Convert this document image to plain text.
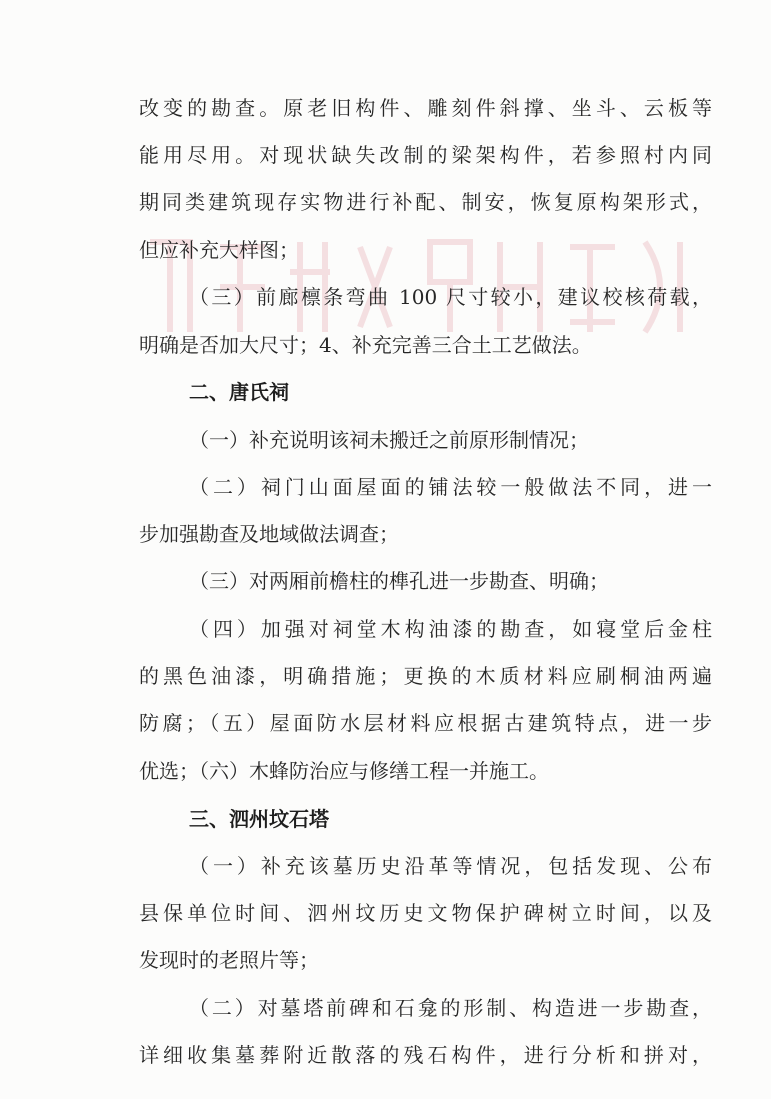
改变的勘查。原老旧构件、雕刻件斜撑、坐斗、云板等
能用尽用。对现状缺失改制的梁架构件，若参照村内同
期同类建筑现存实物进行补配、制安，恢复原构架形式，
但应补充大样图；
（三）前廊檩条弯曲 100 尺寸较小，建议校核荷载，
明确是否加大尺寸；4、补充完善三合土工艺做法。
二、唐氏祠
（一）补充说明该祠未搬迁之前原形制情况；
（二）祠门山面屋面的铺法较一般做法不同，进一
步加强勘查及地域做法调查；
（三）对两厢前檐柱的榫孔进一步勘查、明确；
（四）加强对祠堂木构油漆的勘查，如寝堂后金柱
的黑色油漆，明确措施；更换的木质材料应刷桐油两遍
防腐；（五）屋面防水层材料应根据古建筑特点，进一步
优选；（六）木蜂防治应与修缮工程一并施工。
三、泗州坟石塔
（一）补充该墓历史沿革等情况，包括发现、公布
县保单位时间、泗州坟历史文物保护碑树立时间，以及
发现时的老照片等；
（二）对墓塔前碑和石龛的形制、构造进一步勘查，
详细收集墓葬附近散落的残石构件，进行分析和拼对，
